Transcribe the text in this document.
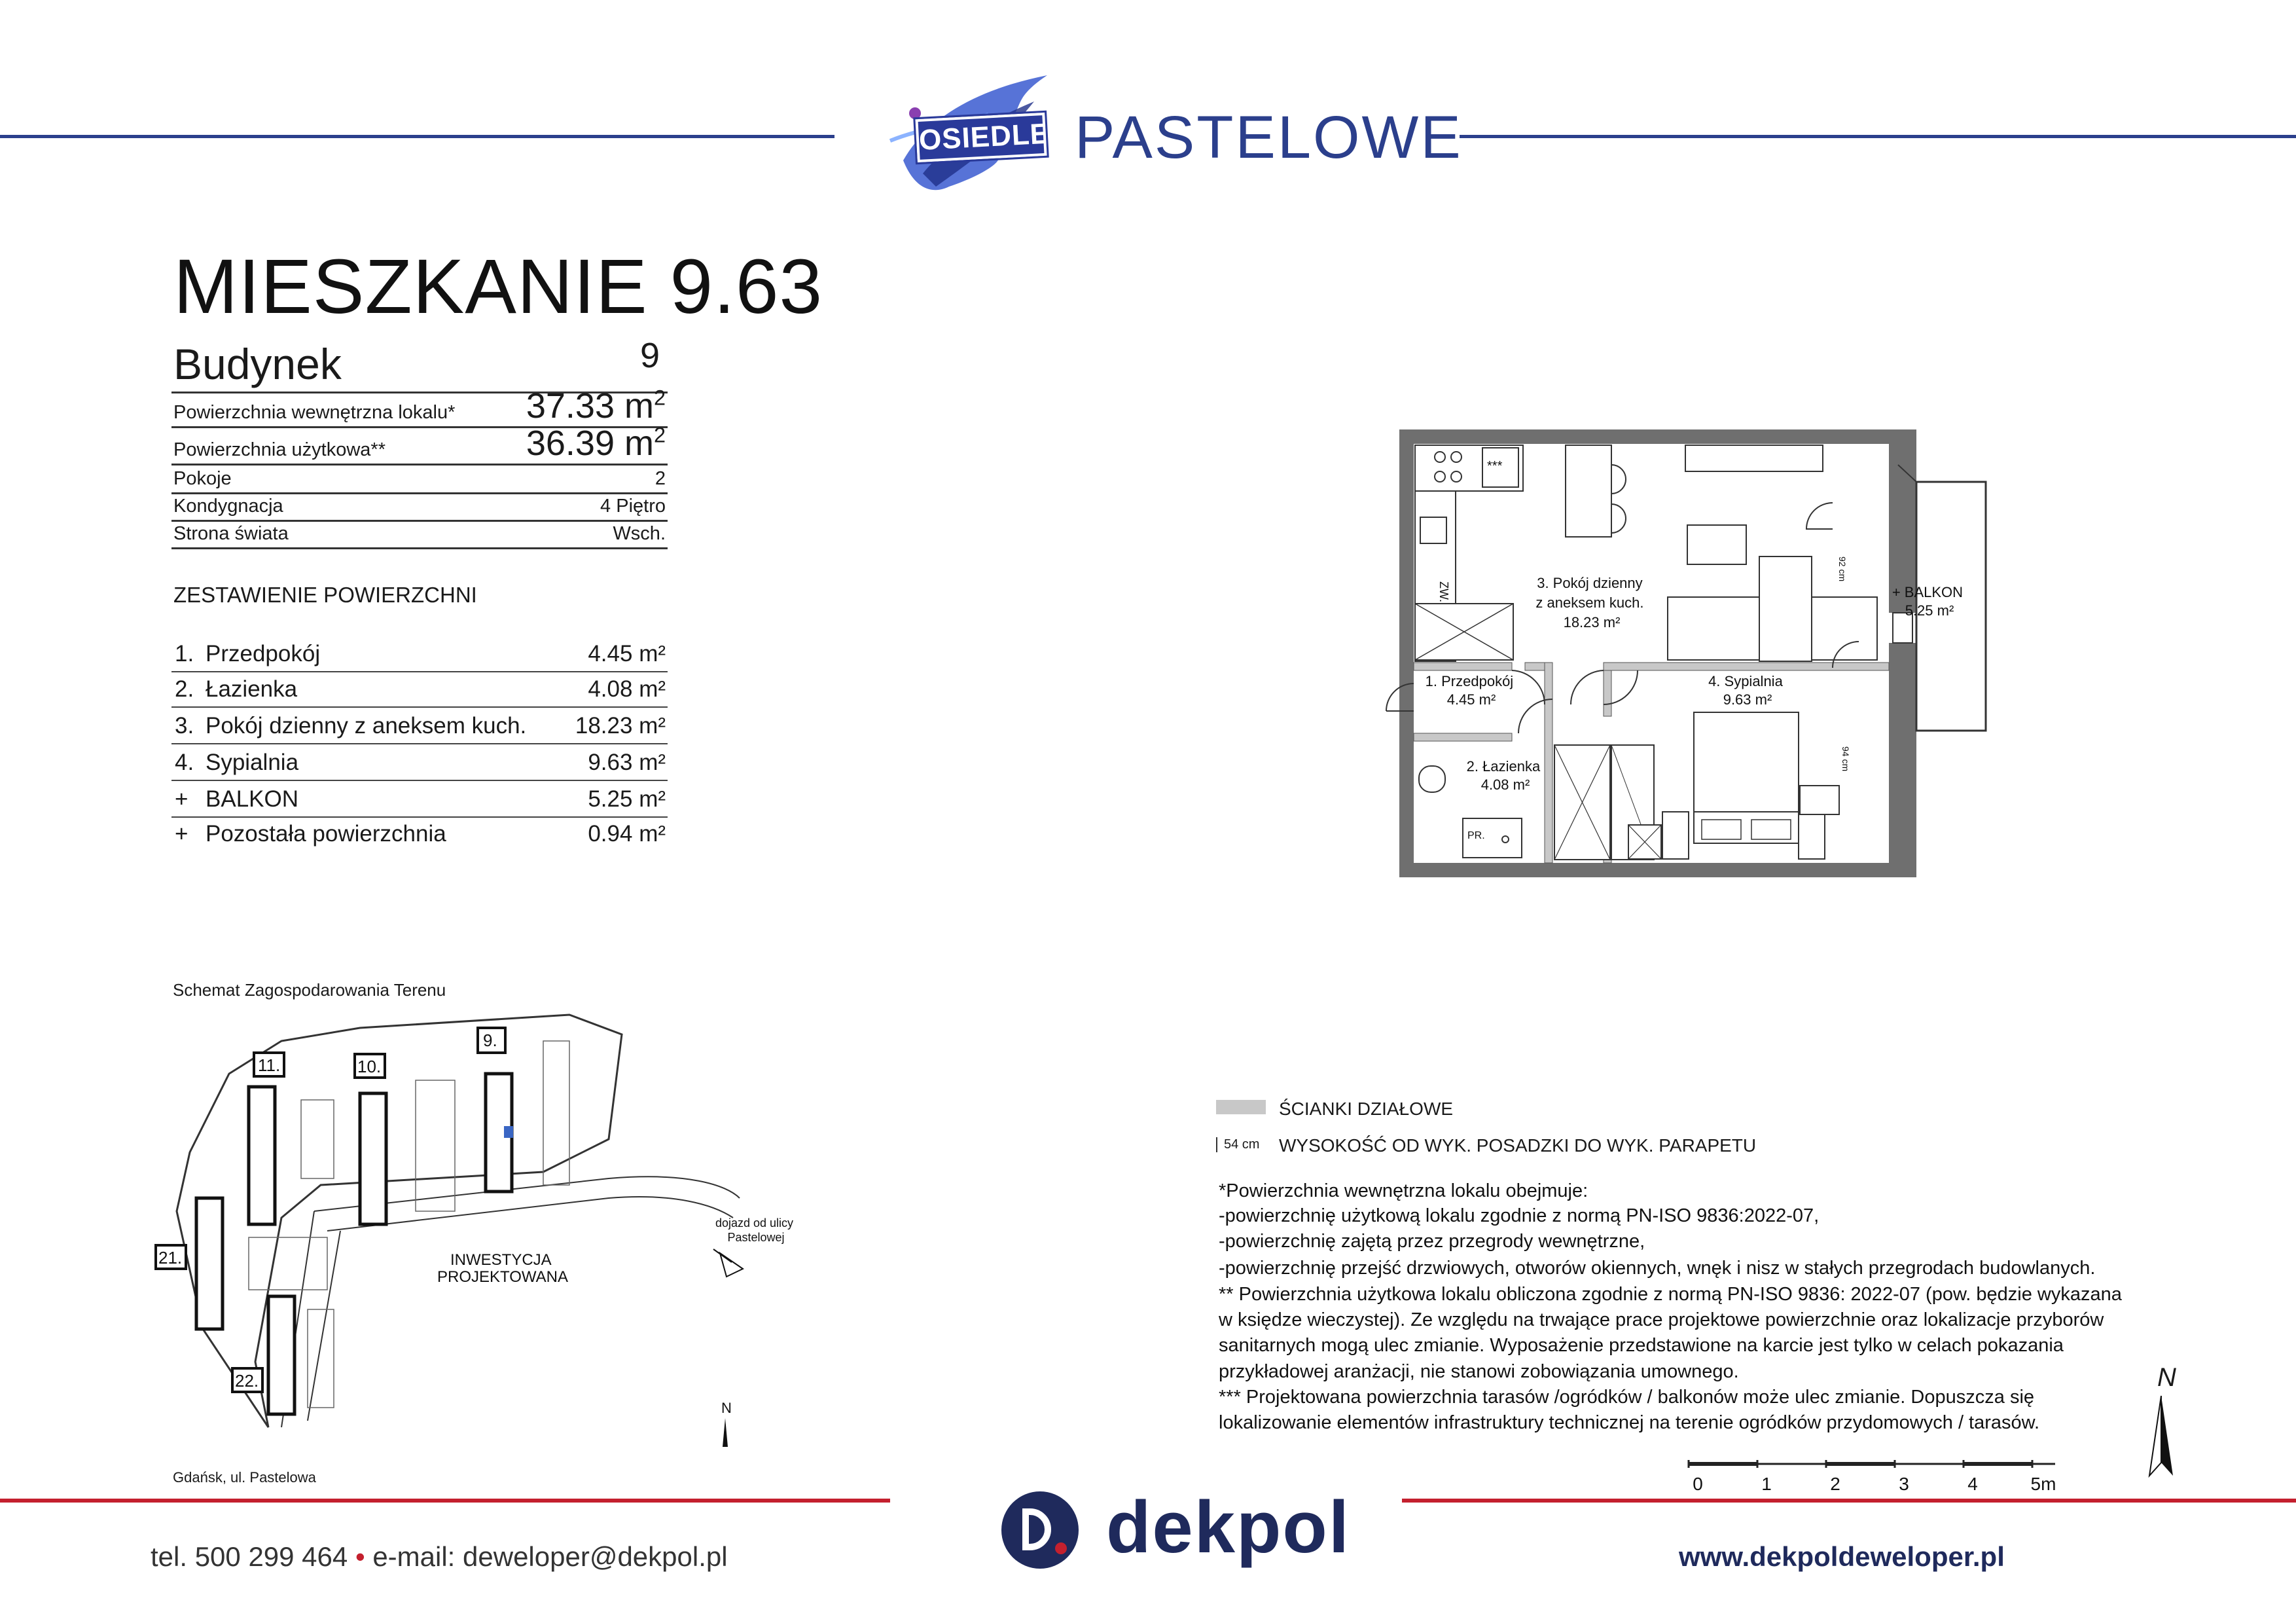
OSIEDLE PASTELOWE
MIESZKANIE 9.63
Budynek	9
Powierzchnia wewnętrzna lokalu* 37.33 $m^2$
Powierzchnia użytkowa**	36.39 $m^2$
Pokoje	2
Kondygnacja	4 Piętro
Strona świata	Wsch.
ZESTAWIENIE POWIERZCHNI
1. Przedpokój	4.45 m²
2. Łazienka	4.08 m²
3. Pokój dzienny z aneksem kuch. 18.23 m²
4. Sypialnia	9.63 m²
+ BALKON	5.25 m²
+ Pozostała powierzchnia	0.94 m²
***
ZW.
92 cm
PR.
94 cm
3. Pokój dzienny z aneksem kuch. 18.23 m²
1. Przedpokój 4.45 m²
2. Łazienka 4.08 m²
4. Sypialnia 9.63 m²
+ BALKON 5.25 m²
Schemat Zagospodarowania Terenu
11.	10.
9.
21.
22.
INWESTYCJA PROJEKTOWANA
dojazd od ulicy Pastelowej
N
Gdańsk, ul. Pastelowa
ŚCIANKI DZIAŁOWE
54 cm WYSOKOŚĆ OD WYK. POSADZKI DO WYK. PARAPETU
*Powierzchnia wewnętrzna lokalu obejmuje:
-powierzchnię użytkową lokalu zgodnie z normą PN-ISO 9836:2022-07,
-powierzchnię zajętą przez przegrody wewnętrzne,
-powierzchnię przejść drzwiowych, otworów okiennych, wnęk i nisz w stałych przegrodach budowlanych.
** Powierzchnia użytkowa lokalu obliczona zgodnie z normą PN-ISO 9836: 2022-07 (pow. będzie wykazana
w księdze wieczystej). Ze względu na trwające prace projektowe powierzchnie oraz lokalizacje przyborów
sanitarnych mogą ulec zmianie. Wyposażenie przedstawione na karcie jest tylko w celach pokazania
przykładowej aranżacji, nie stanowi zobowiązania umownego.
*** Projektowana powierzchnia tarasów /ogródków / balkonów może ulec zmianie. Dopuszcza się
lokalizowanie elementów infrastruktury technicznej na terenie ogródków przydomowych / tarasów.
0	1	2	3	4	5m
N
tel. 500 299 464 • e-mail: deweloper@dekpol.pl	dekpol	www.dekpoldeweloper.pl
